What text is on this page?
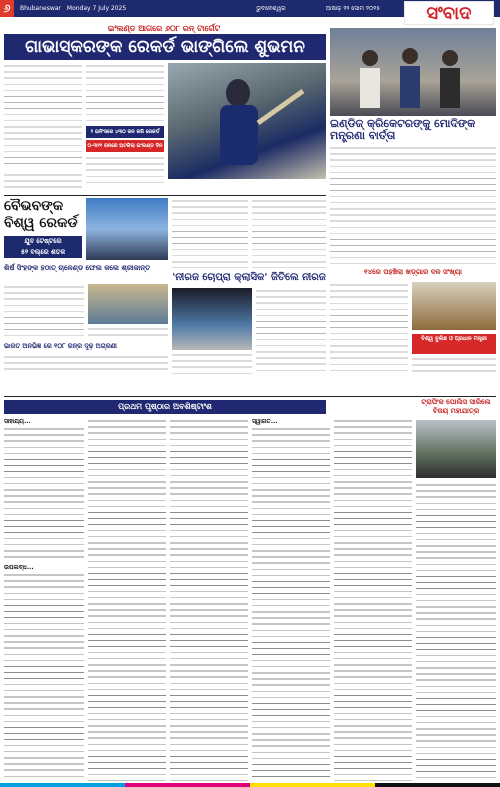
୬	Bhubaneswar Monday 7 July 2025	ଭୁବନେଶ୍ୱର	ଆଷାଢ଼ ୨୨ ସୋମ ୨୦୨୫	ସଂବାଦ
ଇଂଲଣ୍ଡ ଆଗରେ ୬୦୮ ରନ୍ ଟାର୍ଗେଟ
ଗାଭାସ୍କରଙ୍କ ରେକର୍ଡ ଭାଙ୍ଗିଲେ ଶୁଭମନ
୨ ଇନିଂସରେ ୪୩୦ ରନ କରି ରେକର୍ଡ
୦-୩୨୧ ରନରେ ଅଟକିଲା ଇଂଲଣ୍ଡ ଦିନ
ଇଣ୍ଡିଜ୍ କ୍ରିକେଟରଙ୍କୁ ମୋଦିଙ୍କ ମନ୍ତ୍ରଣା ବାର୍ତ୍ତା
୧୪ରେ ପହଞ୍ଚିଲା ଖଡ଼୍ଗାର ଦଳ ସଂଖ୍ୟା
ବିଶ୍ୱ ବୁଲିଛ ଓ ପ୍ରଧାନ ମନ୍ତ୍ରୀ
ବୈଭବଙ୍କ
ବିଶ୍ୱ ରେକର୍ଡ
ଯୁବ ଟେଷ୍ଟରେ
୫୨ ବଲ୍‌ରେ ଶତକ
ଶିର୍ଷ ସିଂହଙ୍କ ହଠାତ୍ ଚାଳେଣ୍ଡ ଫେଲ କଲେ ଶ୍ରୀକାନ୍ତ
ଭାରତ ଅନଭିଜ୍ଞ ରେ ୧୦୮ ରନ୍ର ଦୃଢ଼ ଅଗ୍ରଣୀ
'ନୀରଜ ଚୋପ୍ରା କ୍ଲାସିକ' ଜିତିଲେ ନୀରଜ
ପ୍ରଥମ ପୃଷ୍ଠାର ଅବଶିଷ୍ଟାଂଶ
ସାହାଯ୍ୟ...
ଉପଲବ୍ଧ...
ସ୍ୱାଗତ...
ଟ୍ରାଫିକ ପୋଲିସ ସାରିଲେ ବିଜୟ ମହାଯାତ୍ର
